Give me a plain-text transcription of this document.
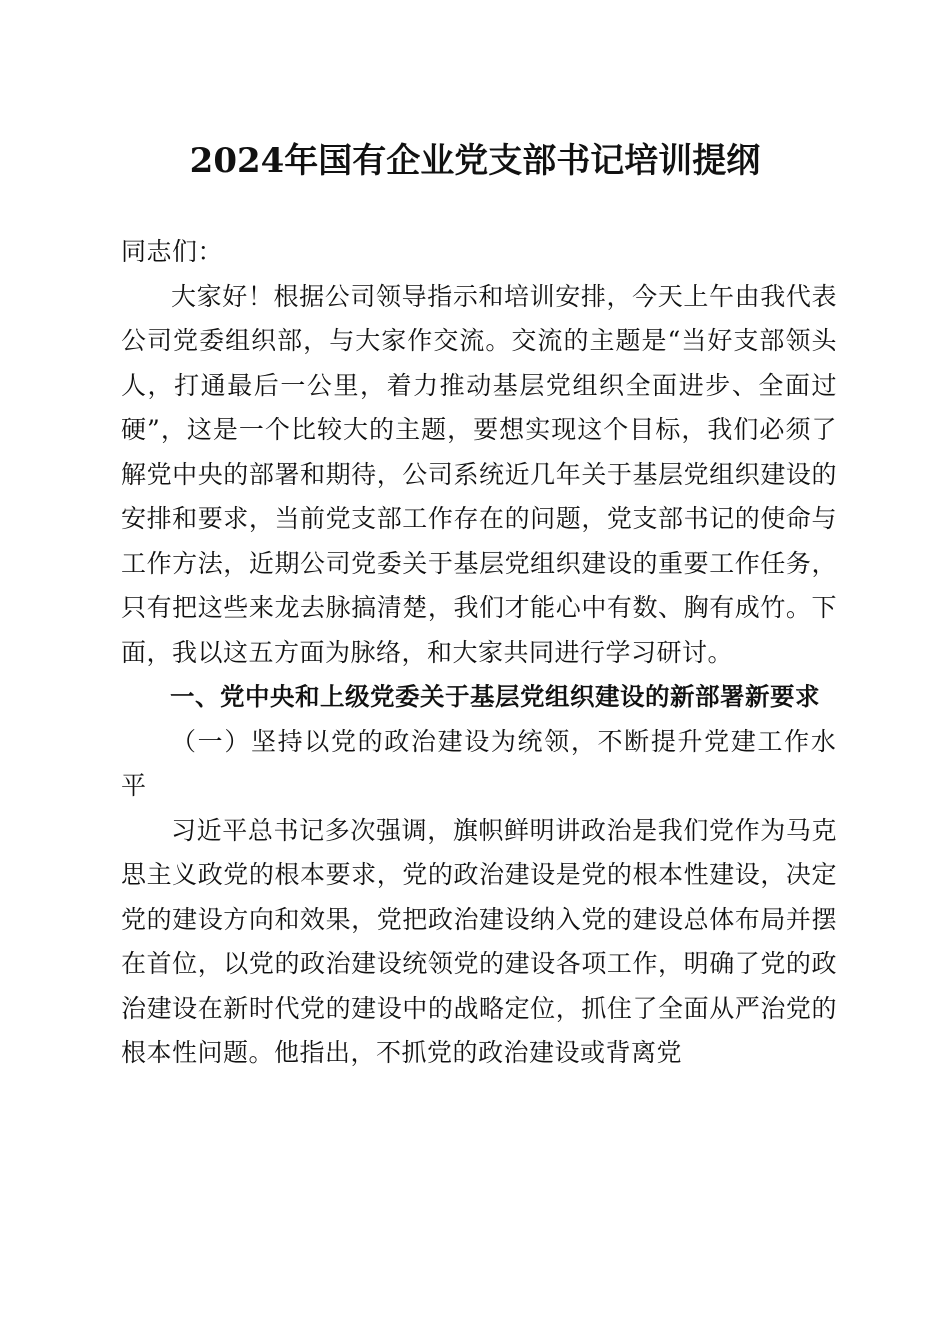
2024年国有企业党支部书记培训提纲

同志们：

大家好！根据公司领导指示和培训安排，今天上午由我代表公司党委组织部，与大家作交流。交流的主题是“当好支部领头人，打通最后一公里，着力推动基层党组织全面进步、全面过硬”，这是一个比较大的主题，要想实现这个目标，我们必须了解党中央的部署和期待，公司系统近几年关于基层党组织建设的安排和要求，当前党支部工作存在的问题，党支部书记的使命与工作方法，近期公司党委关于基层党组织建设的重要工作任务，只有把这些来龙去脉搞清楚，我们才能心中有数、胸有成竹。下面，我以这五方面为脉络，和大家共同进行学习研讨。

一、党中央和上级党委关于基层党组织建设的新部署新要求

（一）坚持以党的政治建设为统领，不断提升党建工作水平

习近平总书记多次强调，旗帜鲜明讲政治是我们党作为马克思主义政党的根本要求，党的政治建设是党的根本性建设，决定党的建设方向和效果，党把政治建设纳入党的建设总体布局并摆在首位，以党的政治建设统领党的建设各项工作，明确了党的政治建设在新时代党的建设中的战略定位，抓住了全面从严治党的根本性问题。他指出，不抓党的政治建设或背离党
